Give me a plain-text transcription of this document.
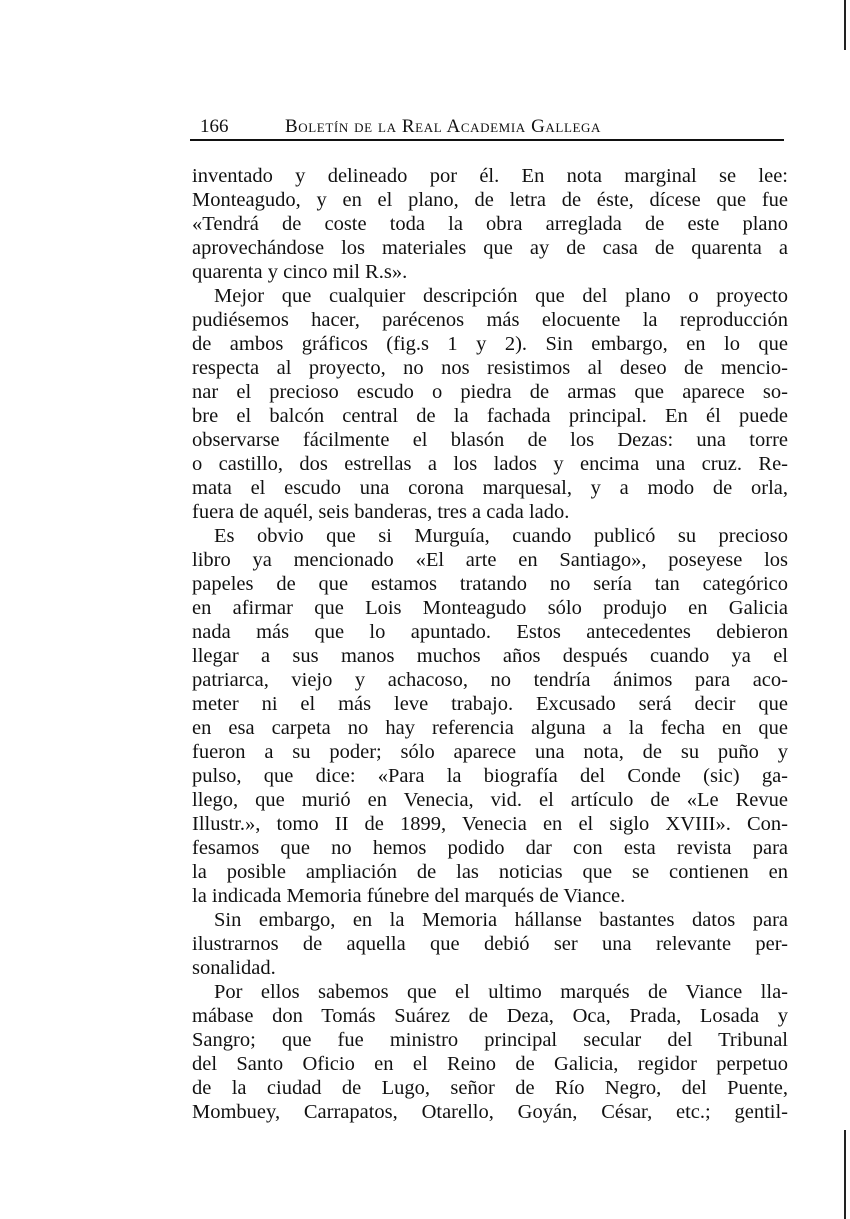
166	Boletín de la Real Academia Gallega
inventado y delineado por él. En nota marginal se lee:
Monteagudo, y en el plano, de letra de éste, dícese que fue
«Tendrá de coste toda la obra arreglada de este plano
aprovechándose los materiales que ay de casa de quarenta a
quarenta y cinco mil R.s».
Mejor que cualquier descripción que del plano o proyecto
pudiésemos hacer, parécenos más elocuente la reproducción
de ambos gráficos (fig.s 1 y 2). Sin embargo, en lo que
respecta al proyecto, no nos resistimos al deseo de mencio-
nar el precioso escudo o piedra de armas que aparece so-
bre el balcón central de la fachada principal. En él puede
observarse fácilmente el blasón de los Dezas: una torre
o castillo, dos estrellas a los lados y encima una cruz. Re-
mata el escudo una corona marquesal, y a modo de orla,
fuera de aquél, seis banderas, tres a cada lado.
Es obvio que si Murguía, cuando publicó su precioso
libro ya mencionado «El arte en Santiago», poseyese los
papeles de que estamos tratando no sería tan categórico
en afirmar que Lois Monteagudo sólo produjo en Galicia
nada más que lo apuntado. Estos antecedentes debieron
llegar a sus manos muchos años después cuando ya el
patriarca, viejo y achacoso, no tendría ánimos para aco-
meter ni el más leve trabajo. Excusado será decir que
en esa carpeta no hay referencia alguna a la fecha en que
fueron a su poder; sólo aparece una nota, de su puño y
pulso, que dice: «Para la biografía del Conde (sic) ga-
llego, que murió en Venecia, vid. el artículo de «Le Revue
Illustr.», tomo II de 1899, Venecia en el siglo XVIII». Con-
fesamos que no hemos podido dar con esta revista para
la posible ampliación de las noticias que se contienen en
la indicada Memoria fúnebre del marqués de Viance.
Sin embargo, en la Memoria hállanse bastantes datos para
ilustrarnos de aquella que debió ser una relevante per-
sonalidad.
Por ellos sabemos que el ultimo marqués de Viance lla-
mábase don Tomás Suárez de Deza, Oca, Prada, Losada y
Sangro; que fue ministro principal secular del Tribunal
del Santo Oficio en el Reino de Galicia, regidor perpetuo
de la ciudad de Lugo, señor de Río Negro, del Puente,
Mombuey, Carrapatos, Otarello, Goyán, César, etc.; gentil-
